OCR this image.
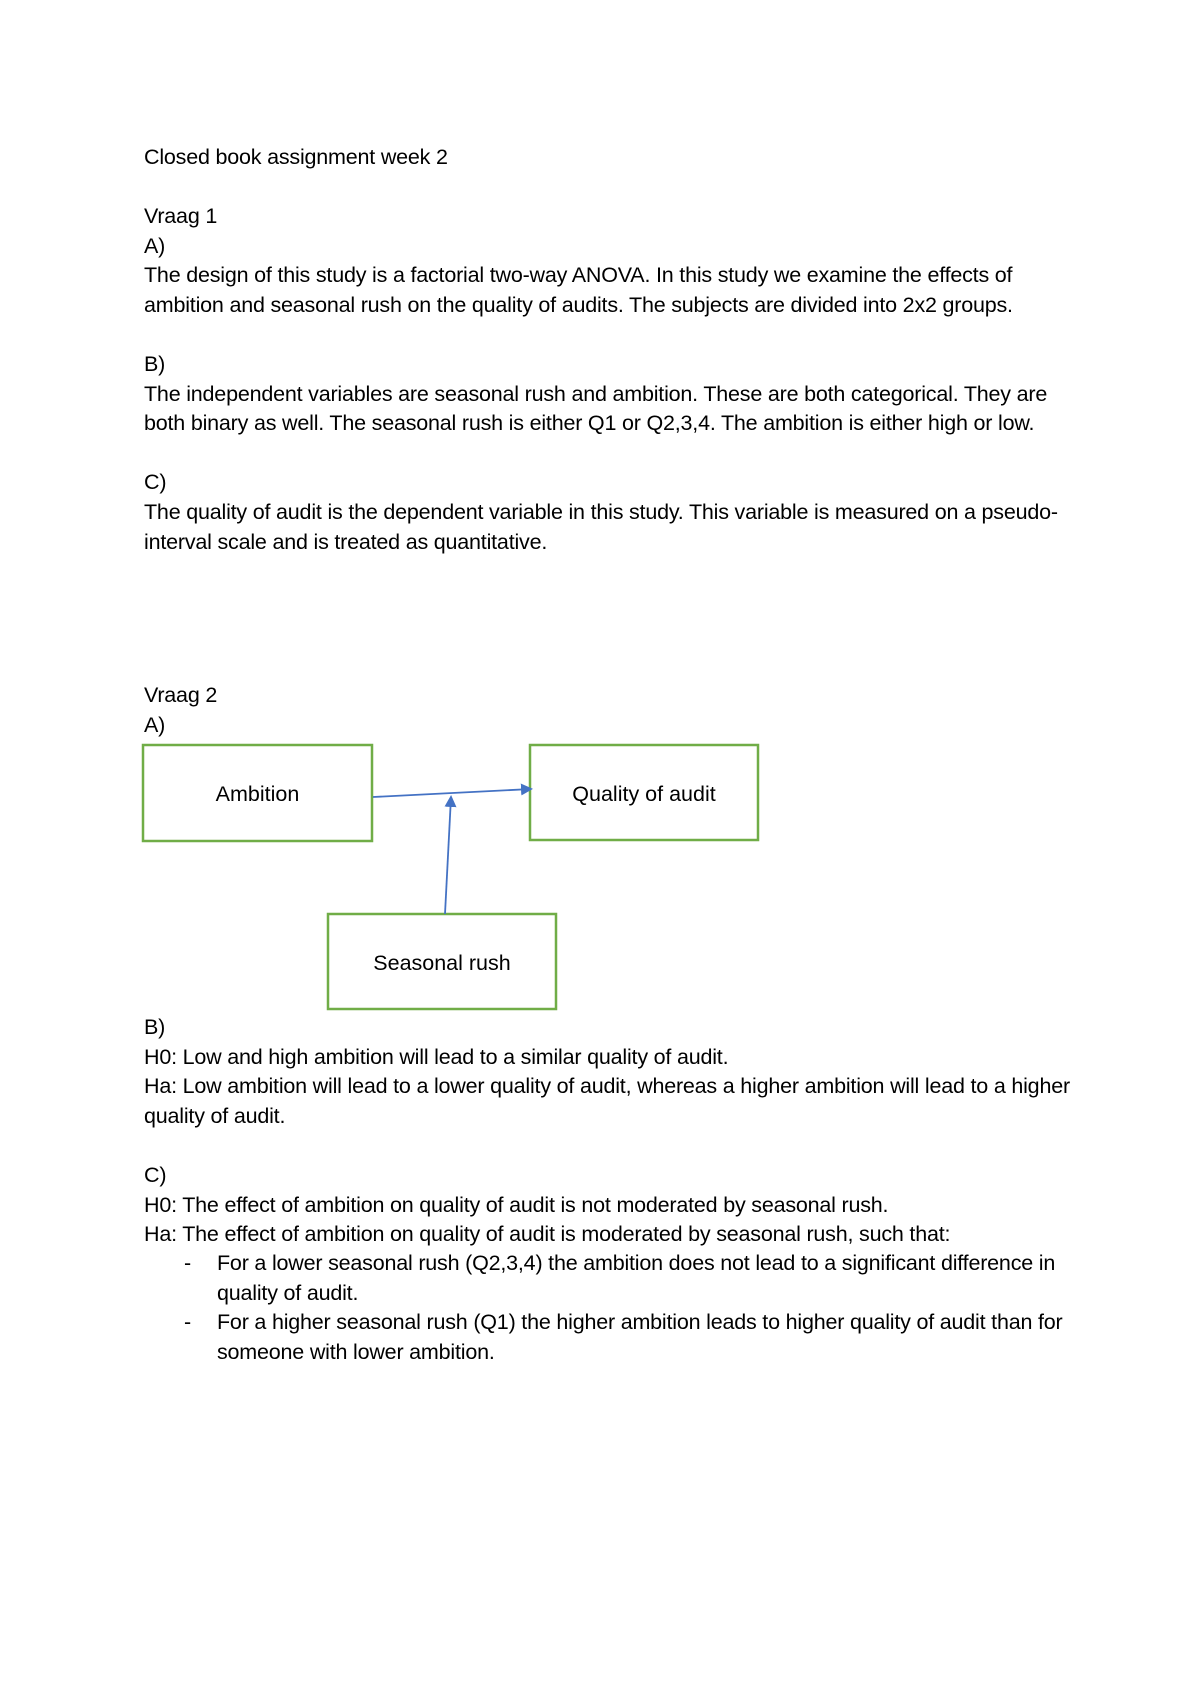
Closed book assignment week 2
Vraag 1
A)
The design of this study is a factorial two-way ANOVA. In this study we examine the effects of ambition and seasonal rush on the quality of audits. The subjects are divided into 2x2 groups.
B)
The independent variables are seasonal rush and ambition. These are both categorical. They are both binary as well. The seasonal rush is either Q1 or Q2,3,4. The ambition is either high or low.
C)
The quality of audit is the dependent variable in this study. This variable is measured on a pseudo-interval scale and is treated as quantitative.
Vraag 2
A)
Ambition	Quality of audit
Seasonal rush
B)
H0: Low and high ambition will lead to a similar quality of audit.
Ha: Low ambition will lead to a lower quality of audit, whereas a higher ambition will lead to a higher quality of audit.
C)
H0: The effect of ambition on quality of audit is not moderated by seasonal rush.
Ha: The effect of ambition on quality of audit is moderated by seasonal rush, such that:
- For a lower seasonal rush (Q2,3,4) the ambition does not lead to a significant difference in quality of audit.
- For a higher seasonal rush (Q1) the higher ambition leads to higher quality of audit than for someone with lower ambition.
